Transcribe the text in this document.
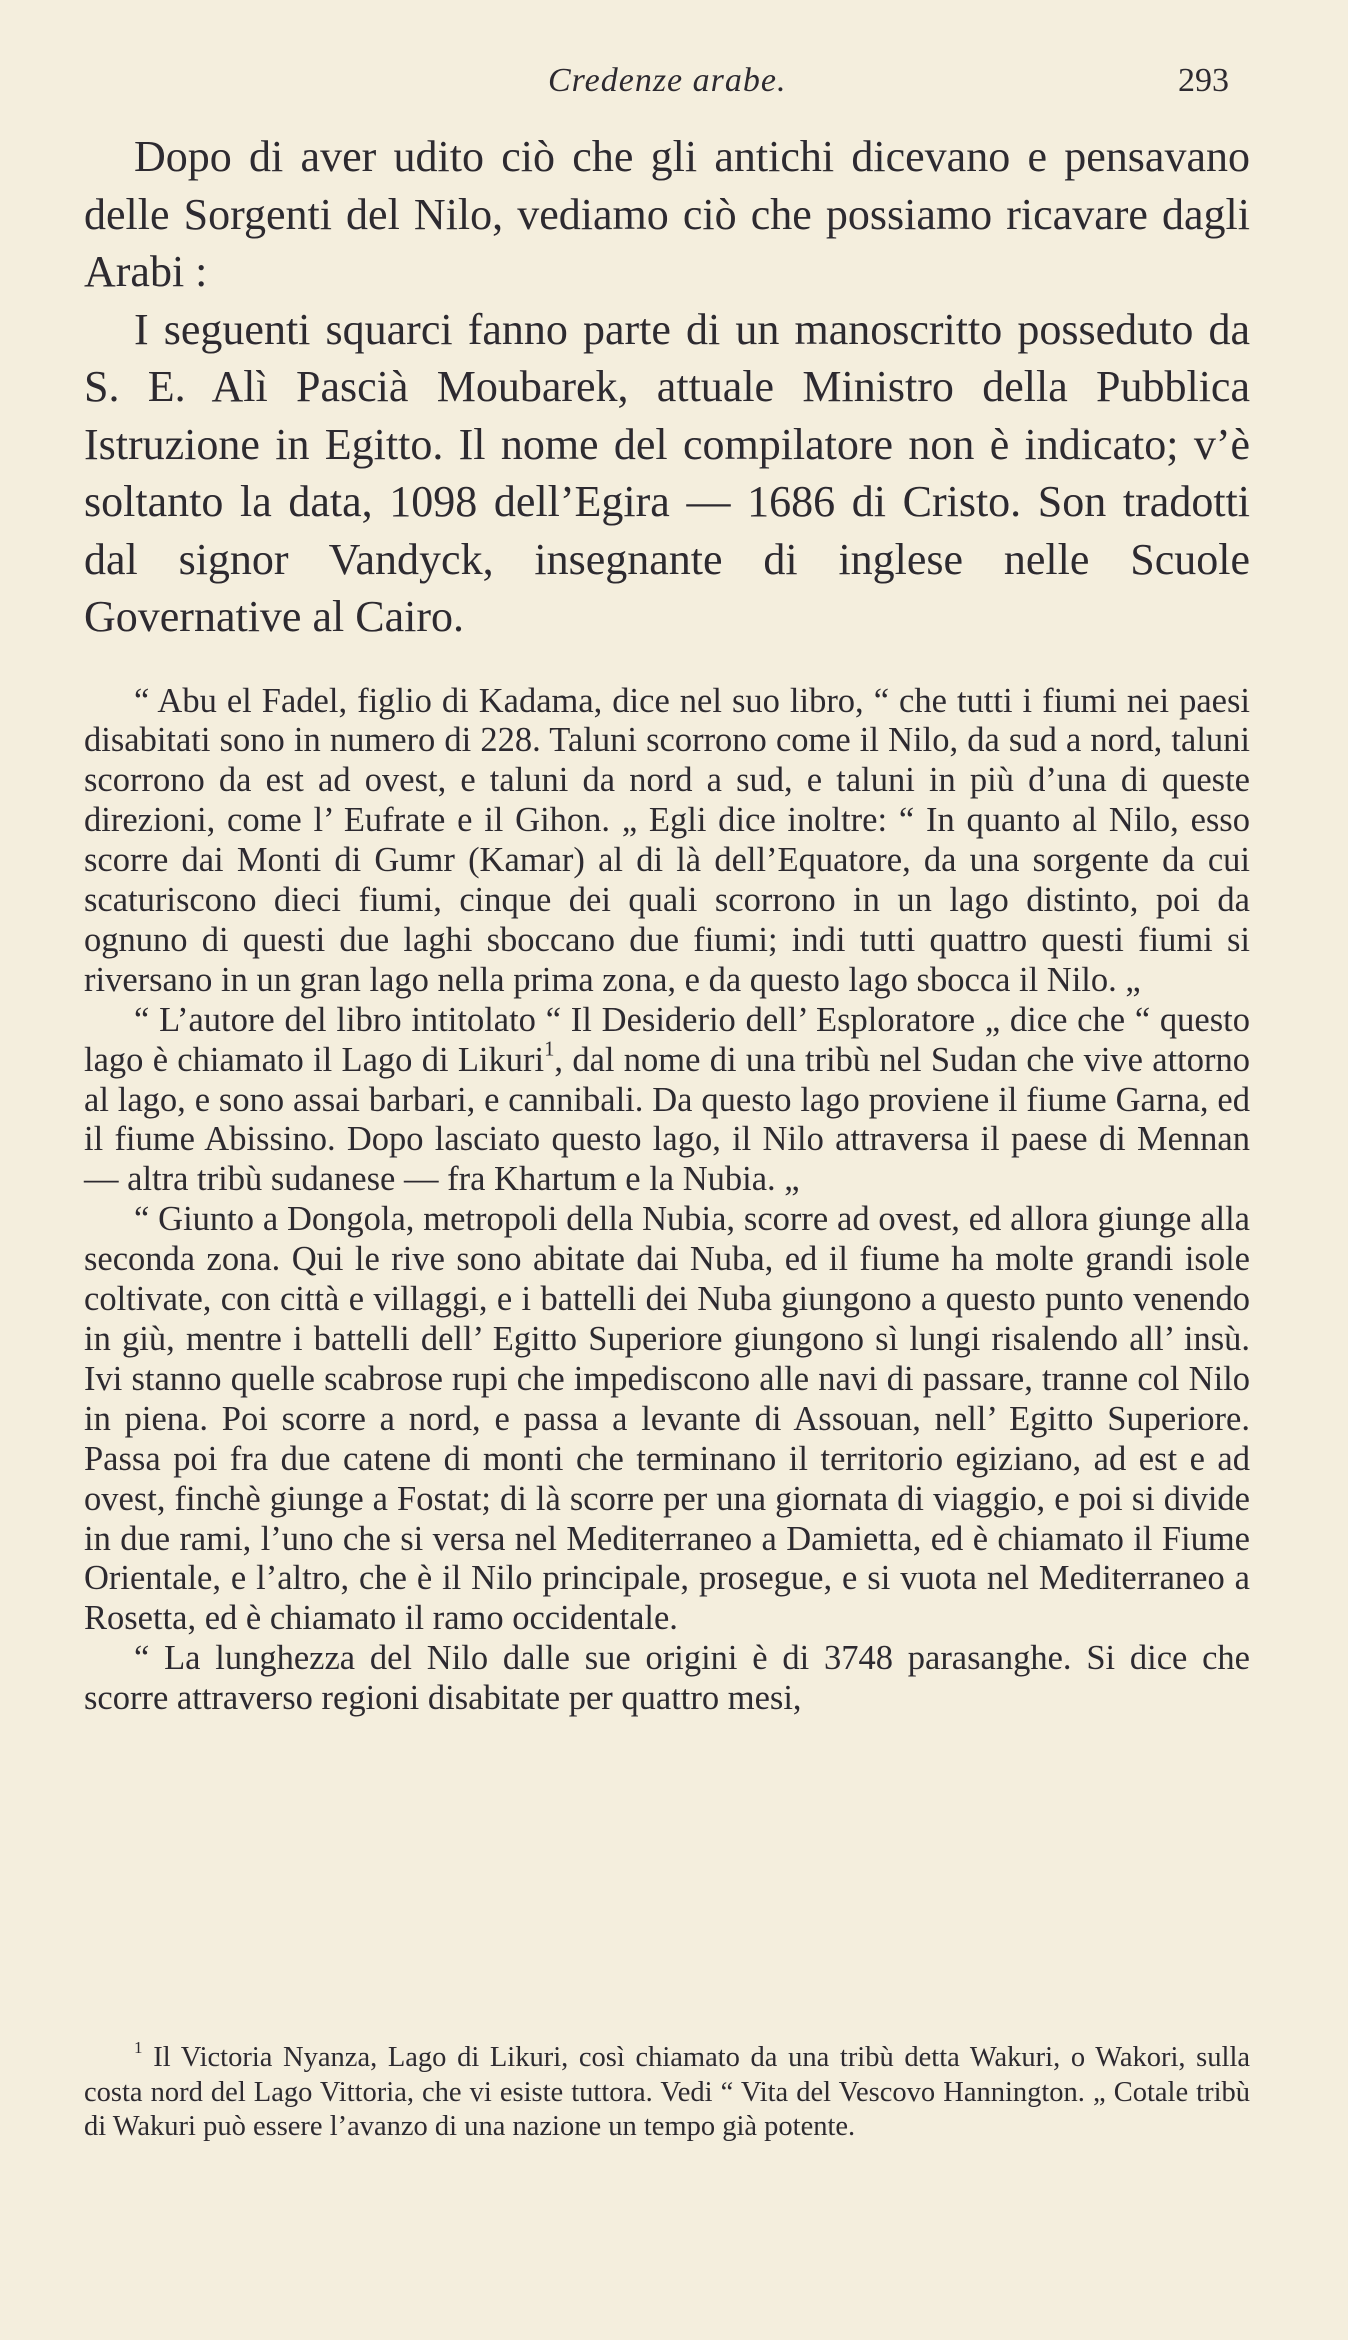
Credenze arabe.	293

Dopo di aver udito ciò che gli antichi dicevano e pensavano delle Sorgenti del Nilo, vediamo ciò che possiamo ricavare dagli Arabi :

I seguenti squarci fanno parte di un manoscritto posseduto da S. E. Alì Pascià Moubarek, attuale Ministro della Pubblica Istruzione in Egitto. Il nome del compilatore non è indicato; v’è soltanto la data, 1098 dell’Egira — 1686 di Cristo. Son tradotti dal signor Vandyck, insegnante di inglese nelle Scuole Governative al Cairo.

“ Abu el Fadel, figlio di Kadama, dice nel suo libro, “ che tutti i fiumi nei paesi disabitati sono in numero di 228. Taluni scorrono come il Nilo, da sud a nord, taluni scorrono da est ad ovest, e taluni da nord a sud, e taluni in più d’una di queste direzioni, come l’ Eufrate e il Gihon. „ Egli dice inoltre: “ In quanto al Nilo, esso scorre dai Monti di Gumr (Kamar) al di là dell’Equatore, da una sorgente da cui scaturiscono dieci fiumi, cinque dei quali scorrono in un lago distinto, poi da ognuno di questi due laghi sboccano due fiumi; indi tutti quattro questi fiumi si riversano in un gran lago nella prima zona, e da questo lago sbocca il Nilo. „

“ L’autore del libro intitolato “ Il Desiderio dell’ Esploratore „ dice che “ questo lago è chiamato il Lago di Likuri$^1$, dal nome di una tribù nel Sudan che vive attorno al lago, e sono assai barbari, e cannibali. Da questo lago proviene il fiume Garna, ed il fiume Abissino. Dopo lasciato questo lago, il Nilo attraversa il paese di Mennan — altra tribù sudanese — fra Khartum e la Nubia. „

“ Giunto a Dongola, metropoli della Nubia, scorre ad ovest, ed allora giunge alla seconda zona. Qui le rive sono abitate dai Nuba, ed il fiume ha molte grandi isole coltivate, con città e villaggi, e i battelli dei Nuba giungono a questo punto venendo in giù, mentre i battelli dell’ Egitto Superiore giungono sì lungi risalendo all’ insù. Ivi stanno quelle scabrose rupi che impediscono alle navi di passare, tranne col Nilo in piena. Poi scorre a nord, e passa a levante di Assouan, nell’ Egitto Superiore. Passa poi fra due catene di monti che terminano il territorio egiziano, ad est e ad ovest, finchè giunge a Fostat; di là scorre per una giornata di viaggio, e poi si divide in due rami, l’uno che si versa nel Mediterraneo a Damietta, ed è chiamato il Fiume Orientale, e l’altro, che è il Nilo principale, prosegue, e si vuota nel Mediterraneo a Rosetta, ed è chiamato il ramo occidentale.

“ La lunghezza del Nilo dalle sue origini è di 3748 parasanghe. Si dice che scorre attraverso regioni disabitate per quattro mesi,

$^1$ Il Victoria Nyanza, Lago di Likuri, così chiamato da una tribù detta Wakuri, o Wakori, sulla costa nord del Lago Vittoria, che vi esiste tuttora. Vedi “ Vita del Vescovo Hannington. „ Cotale tribù di Wakuri può essere l’avanzo di una nazione un tempo già potente.
